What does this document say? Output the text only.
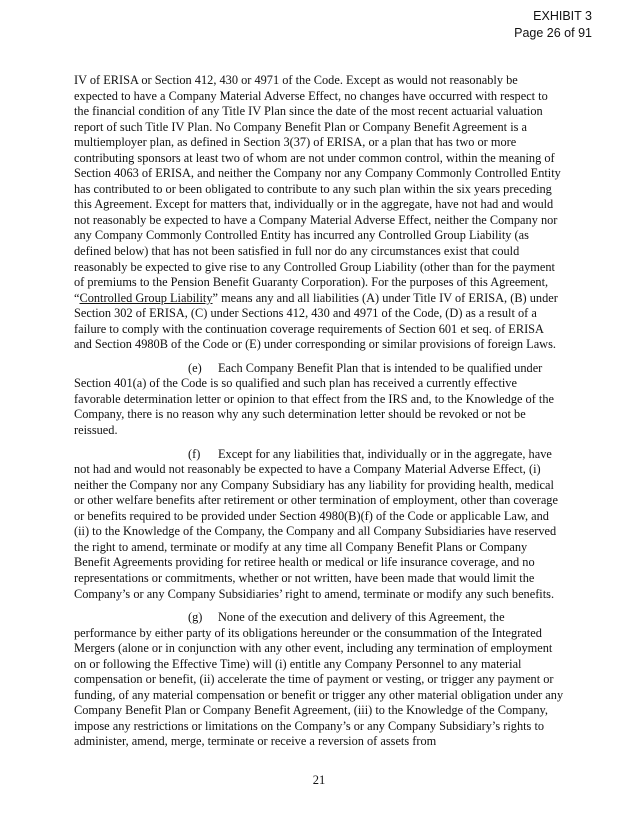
EXHIBIT 3
Page 26 of 91

IV of ERISA or Section 412, 430 or 4971 of the Code. Except as would not reasonably be expected to have a Company Material Adverse Effect, no changes have occurred with respect to the financial condition of any Title IV Plan since the date of the most recent actuarial valuation report of such Title IV Plan. No Company Benefit Plan or Company Benefit Agreement is a multiemployer plan, as defined in Section 3(37) of ERISA, or a plan that has two or more contributing sponsors at least two of whom are not under common control, within the meaning of Section 4063 of ERISA, and neither the Company nor any Company Commonly Controlled Entity has contributed to or been obligated to contribute to any such plan within the six years preceding this Agreement. Except for matters that, individually or in the aggregate, have not had and would not reasonably be expected to have a Company Material Adverse Effect, neither the Company nor any Company Commonly Controlled Entity has incurred any Controlled Group Liability (as defined below) that has not been satisfied in full nor do any circumstances exist that could reasonably be expected to give rise to any Controlled Group Liability (other than for the payment of premiums to the Pension Benefit Guaranty Corporation). For the purposes of this Agreement, “Controlled Group Liability” means any and all liabilities (A) under Title IV of ERISA, (B) under Section 302 of ERISA, (C) under Sections 412, 430 and 4971 of the Code, (D) as a result of a failure to comply with the continuation coverage requirements of Section 601 et seq. of ERISA and Section 4980B of the Code or (E) under corresponding or similar provisions of foreign Laws.

(e) Each Company Benefit Plan that is intended to be qualified under Section 401(a) of the Code is so qualified and such plan has received a currently effective favorable determination letter or opinion to that effect from the IRS and, to the Knowledge of the Company, there is no reason why any such determination letter should be revoked or not be reissued.

(f) Except for any liabilities that, individually or in the aggregate, have not had and would not reasonably be expected to have a Company Material Adverse Effect, (i) neither the Company nor any Company Subsidiary has any liability for providing health, medical or other welfare benefits after retirement or other termination of employment, other than coverage or benefits required to be provided under Section 4980(B)(f) of the Code or applicable Law, and (ii) to the Knowledge of the Company, the Company and all Company Subsidiaries have reserved the right to amend, terminate or modify at any time all Company Benefit Plans or Company Benefit Agreements providing for retiree health or medical or life insurance coverage, and no representations or commitments, whether or not written, have been made that would limit the Company’s or any Company Subsidiaries’ right to amend, terminate or modify any such benefits.

(g) None of the execution and delivery of this Agreement, the performance by either party of its obligations hereunder or the consummation of the Integrated Mergers (alone or in conjunction with any other event, including any termination of employment on or following the Effective Time) will (i) entitle any Company Personnel to any material compensation or benefit, (ii) accelerate the time of payment or vesting, or trigger any payment or funding, of any material compensation or benefit or trigger any other material obligation under any Company Benefit Plan or Company Benefit Agreement, (iii) to the Knowledge of the Company, impose any restrictions or limitations on the Company’s or any Company Subsidiary’s rights to administer, amend, merge, terminate or receive a reversion of assets from

21
